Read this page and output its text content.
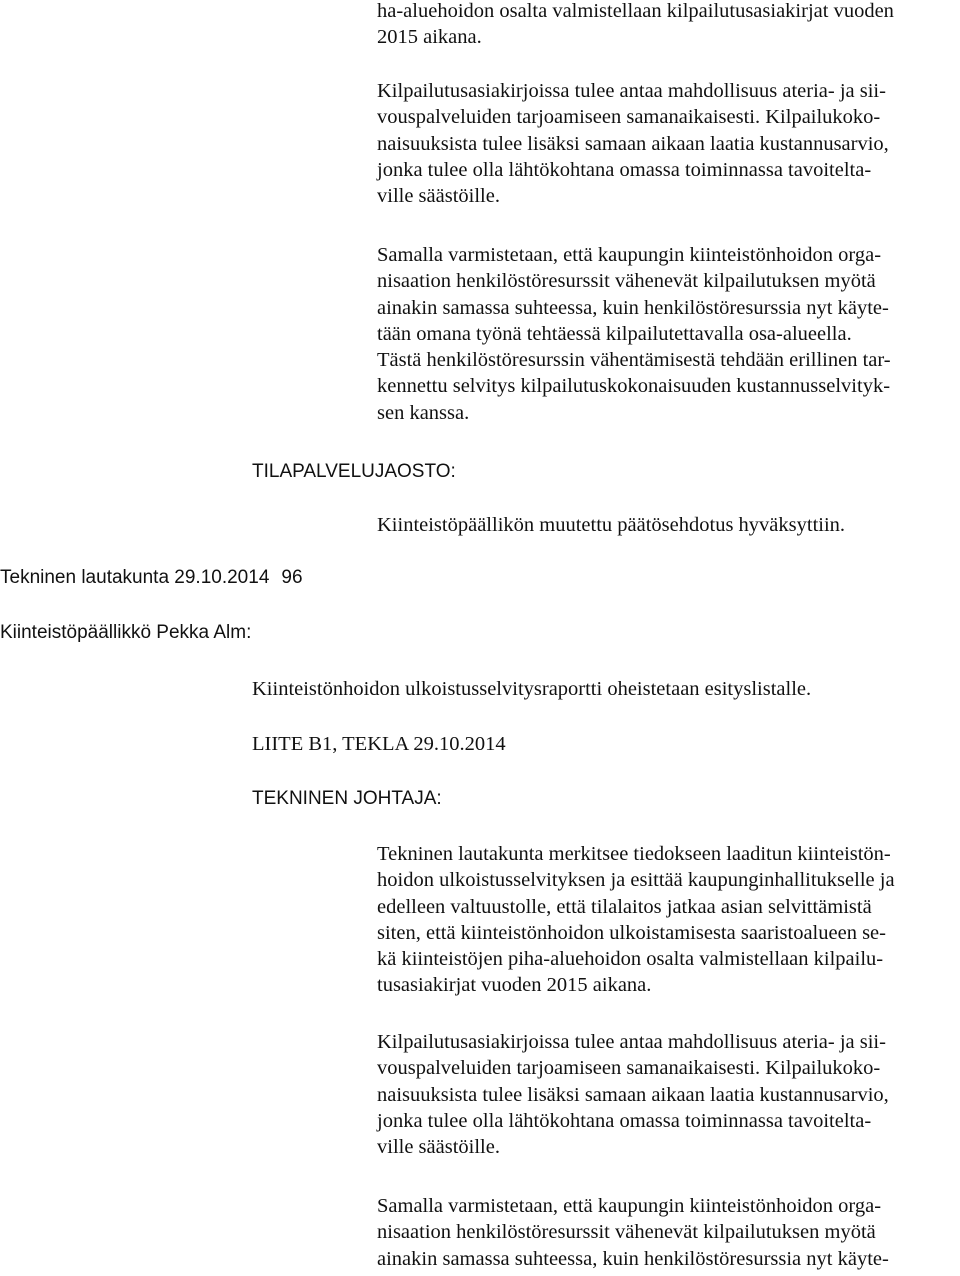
ha-aluehoidon osalta valmistellaan kilpailutusasiakirjat vuoden
2015 aikana.
Kilpailutusasiakirjoissa tulee antaa mahdollisuus ateria- ja sii-
vouspalveluiden tarjoamiseen samanaikaisesti. Kilpailukoko-
naisuuksista tulee lisäksi samaan aikaan laatia kustannusarvio,
jonka tulee olla lähtökohtana omassa toiminnassa tavoitelta-
ville säästöille.
Samalla varmistetaan, että kaupungin kiinteistönhoidon orga-
nisaation henkilöstöresurssit vähenevät kilpailutuksen myötä
ainakin samassa suhteessa, kuin henkilöstöresurssia nyt käyte-
tään omana työnä tehtäessä kilpailutettavalla osa-alueella.
Tästä henkilöstöresurssin vähentämisestä tehdään erillinen tar-
kennettu selvitys kilpailutuskokonaisuuden kustannusselvityk-
sen kanssa.
TILAPALVELUJAOSTO:
Kiinteistöpäällikön muutettu päätösehdotus hyväksyttiin.
Tekninen lautakunta 29.10.2014 96
Kiinteistöpäällikkö Pekka Alm:
Kiinteistönhoidon ulkoistusselvitysraportti oheistetaan esityslistalle.
LIITE B1, TEKLA 29.10.2014
TEKNINEN JOHTAJA:
Tekninen lautakunta merkitsee tiedokseen laaditun kiinteistön-
hoidon ulkoistusselvityksen ja esittää kaupunginhallitukselle ja
edelleen valtuustolle, että tilalaitos jatkaa asian selvittämistä
siten, että kiinteistönhoidon ulkoistamisesta saaristoalueen se-
kä kiinteistöjen piha-aluehoidon osalta valmistellaan kilpailu-
tusasiakirjat vuoden 2015 aikana.
Kilpailutusasiakirjoissa tulee antaa mahdollisuus ateria- ja sii-
vouspalveluiden tarjoamiseen samanaikaisesti. Kilpailukoko-
naisuuksista tulee lisäksi samaan aikaan laatia kustannusarvio,
jonka tulee olla lähtökohtana omassa toiminnassa tavoitelta-
ville säästöille.
Samalla varmistetaan, että kaupungin kiinteistönhoidon orga-
nisaation henkilöstöresurssit vähenevät kilpailutuksen myötä
ainakin samassa suhteessa, kuin henkilöstöresurssia nyt käyte-
